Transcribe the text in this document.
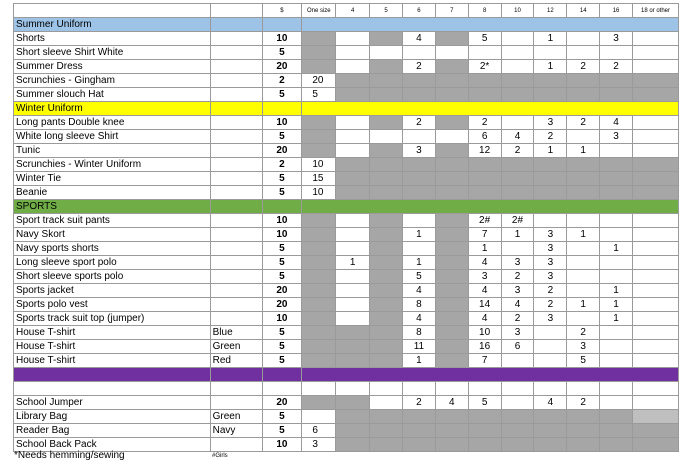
		$	One size	4	5	6	7	8	10	12	14	16	18 or other
Summer Uniform													
Shorts		10				4		5		1		3	
Short sleeve Shirt White		5											
Summer Dress		20				2		2*		1	2	2	
Scrunchies - Gingham		2	20										
Summer slouch Hat		5	5										
Winter Uniform													
Long pants Double knee		10				2		2		3	2	4	
White long sleeve Shirt		5						6	4	2		3	
Tunic		20				3		12	2	1	1		
Scrunchies - Winter Uniform		2	10										
Winter Tie		5	15										
Beanie		5	10										
SPORTS													
Sport track suit pants		10						2#	2#				
Navy Skort		10				1		7	1	3	1		
Navy sports shorts		5						1		3		1	
Long sleeve sport polo		5		1		1		4	3	3			
Short sleeve sports polo		5				5		3	2	3			
Sports jacket		20				4		4	3	2		1	
Sports polo vest		20				8		14	4	2	1	1	
Sports track suit top (jumper)		10				4		4	2	3		1	
House T-shirt	Blue	5				8		10	3		2		
House T-shirt	Green	5				11		16	6		3		
House T-shirt	Red	5				1		7			5		

School Jumper		20				2	4	5		4	2		
Library Bag	Green	5											
Reader Bag	Navy	5	6										
School Back Pack		10	3										
*Needs hemming/sewing	#Girls
